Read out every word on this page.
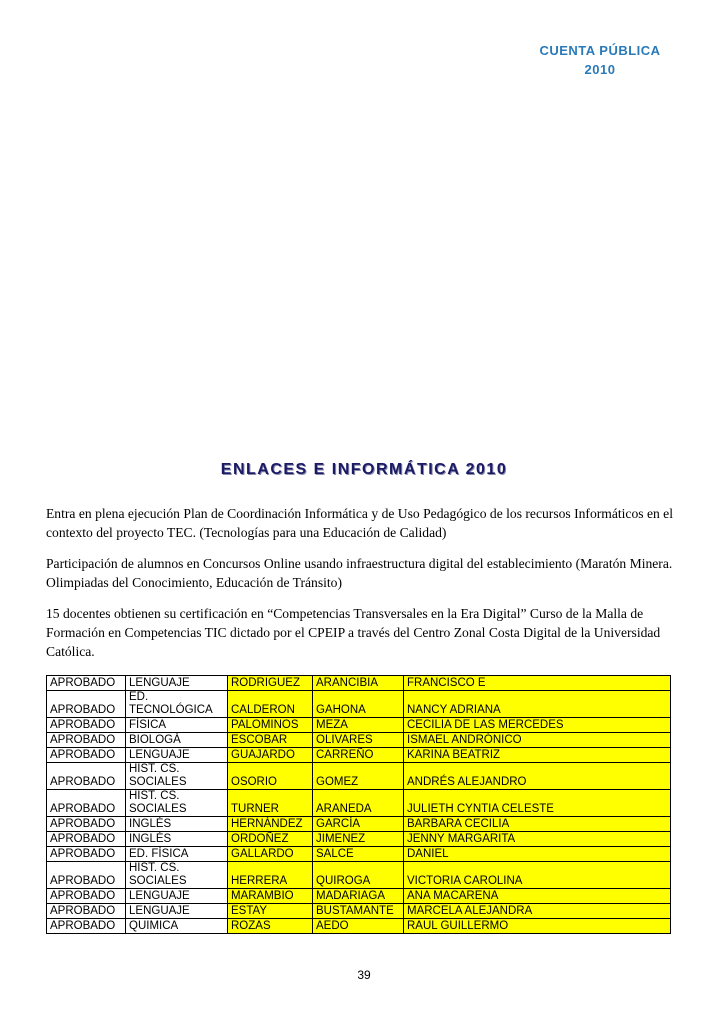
CUENTA PÚBLICA
2010
ENLACES E INFORMÁTICA 2010

Entra en plena ejecución Plan de Coordinación Informática y de Uso Pedagógico de los recursos Informáticos en el contexto del proyecto TEC. (Tecnologías para una Educación de Calidad)

Participación de alumnos en Concursos Online usando infraestructura digital del establecimiento (Maratón Minera. Olimpiadas del Conocimiento, Educación de Tránsito)

15 docentes obtienen su certificación en “Competencias Transversales en la Era Digital” Curso de la Malla de Formación en Competencias TIC dictado por el CPEIP a través del Centro Zonal Costa Digital de la Universidad Católica.

APROBADO	LENGUAJE	RODRIGUEZ	ARANCIBIA	FRANCISCO E
APROBADO	ED.
TECNOLÓGICA	CALDERON	GAHONA	NANCY ADRIANA
APROBADO	FÍSICA	PALOMINOS	MEZA	CECILIA DE LAS MERCEDES
APROBADO	BIOLOGÁ	ESCOBAR	OLIVARES	ISMAEL ANDRÓNICO
APROBADO	LENGUAJE	GUAJARDO	CARREÑO	KARINA BEATRIZ
APROBADO	HIST. CS.
SOCIALES	OSORIO	GOMEZ	ANDRÉS ALEJANDRO
APROBADO	HIST. CS.
SOCIALES	TURNER	ARANEDA	JULIETH CYNTIA CELESTE
APROBADO	INGLÉS	HERNÁNDEZ	GARCÍA	BARBARA CECILIA
APROBADO	INGLÉS	ORDOÑEZ	JIMENEZ	JENNY MARGARITA
APROBADO	ED. FÍSICA	GALLARDO	SALCE	DANIEL
APROBADO	HIST. CS.
SOCIALES	HERRERA	QUIROGA	VICTORIA CAROLINA
APROBADO	LENGUAJE	MARAMBIO	MADARIAGA	ANA MACARENA
APROBADO	LENGUAJE	ESTAY	BUSTAMANTE	MARCELA ALEJANDRA
APROBADO	QUIMICA	ROZAS	AEDO	RAUL GUILLERMO
39
